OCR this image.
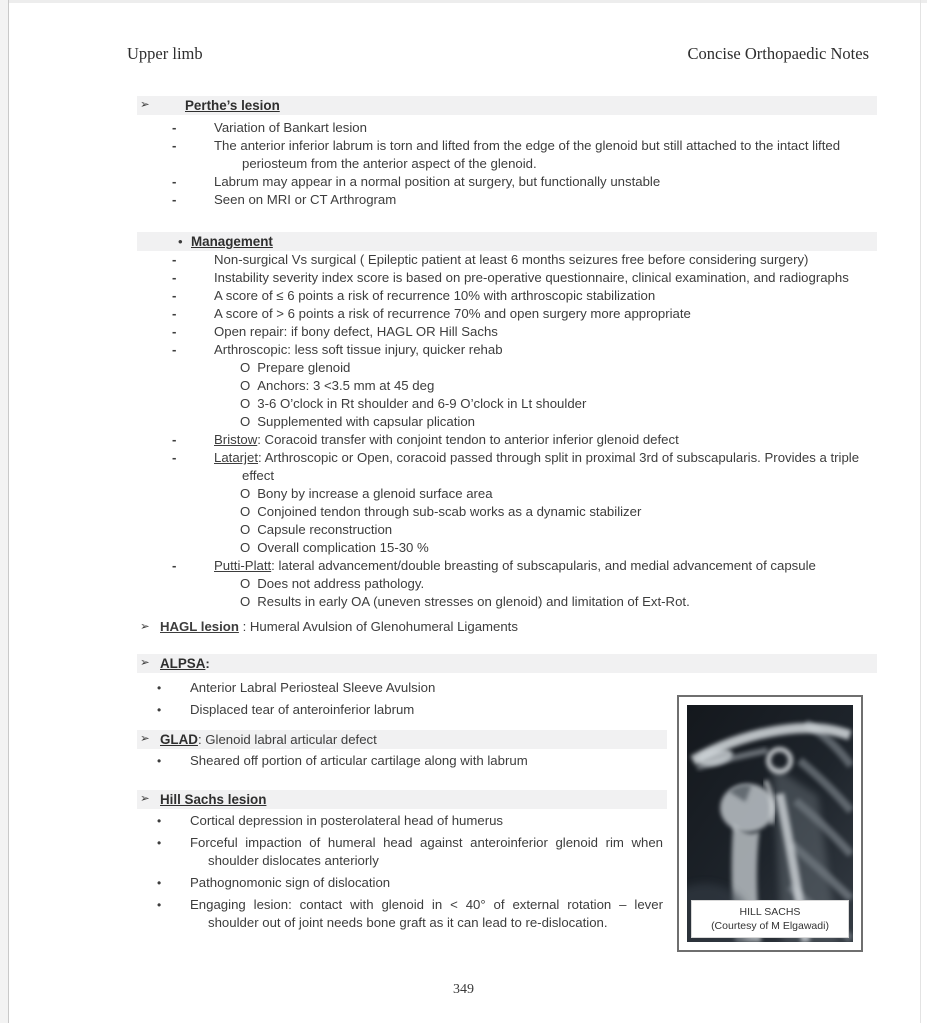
Upper limb	Concise Orthopaedic Notes
➢	Perthe’s lesion
-	Variation of Bankart lesion
-	The anterior inferior labrum is torn and lifted from the edge of the glenoid but still attached to the intact lifted periosteum from the anterior aspect of the glenoid.
-	Labrum may appear in a normal position at surgery, but functionally unstable
-	Seen on MRI or CT Arthrogram
• Management
-	Non-surgical Vs surgical ( Epileptic patient at least 6 months seizures free before considering surgery)
-	Instability severity index score is based on pre-operative questionnaire, clinical examination, and radiographs
-	A score of ≤ 6 points a risk of recurrence 10% with arthroscopic stabilization
-	A score of > 6 points a risk of recurrence 70% and open surgery more appropriate
-	Open repair: if bony defect, HAGL OR Hill Sachs
-	Arthroscopic: less soft tissue injury, quicker rehab
O Prepare glenoid
O Anchors: 3 <3.5 mm at 45 deg
O 3-6 O’clock in Rt shoulder and 6-9 O’clock in Lt shoulder
O Supplemented with capsular plication
-	Bristow: Coracoid transfer with conjoint tendon to anterior inferior glenoid defect
-	Latarjet: Arthroscopic or Open, coracoid passed through split in proximal 3rd of subscapularis. Provides a triple effect
O Bony by increase a glenoid surface area
O Conjoined tendon through sub-scab works as a dynamic stabilizer
O Capsule reconstruction
O Overall complication 15-30 %
-	Putti-Platt: lateral advancement/double breasting of subscapularis, and medial advancement of capsule
O Does not address pathology.
O Results in early OA (uneven stresses on glenoid) and limitation of Ext-Rot.
➢ HAGL lesion : Humeral Avulsion of Glenohumeral Ligaments
➢ ALPSA:
•	Anterior Labral Periosteal Sleeve Avulsion
•	Displaced tear of anteroinferior labrum
➢ GLAD: Glenoid labral articular defect
•	Sheared off portion of articular cartilage along with labrum
➢ Hill Sachs lesion
•	Cortical depression in posterolateral head of humerus
•	Forceful impaction of humeral head against anteroinferior glenoid rim when shoulder dislocates anteriorly
•	Pathognomonic sign of dislocation
•	Engaging lesion: contact with glenoid in < 40° of external rotation – lever shoulder out of joint needs bone graft as it can lead to re-dislocation.
HILL SACHS
(Courtesy of M Elgawadi)
349
